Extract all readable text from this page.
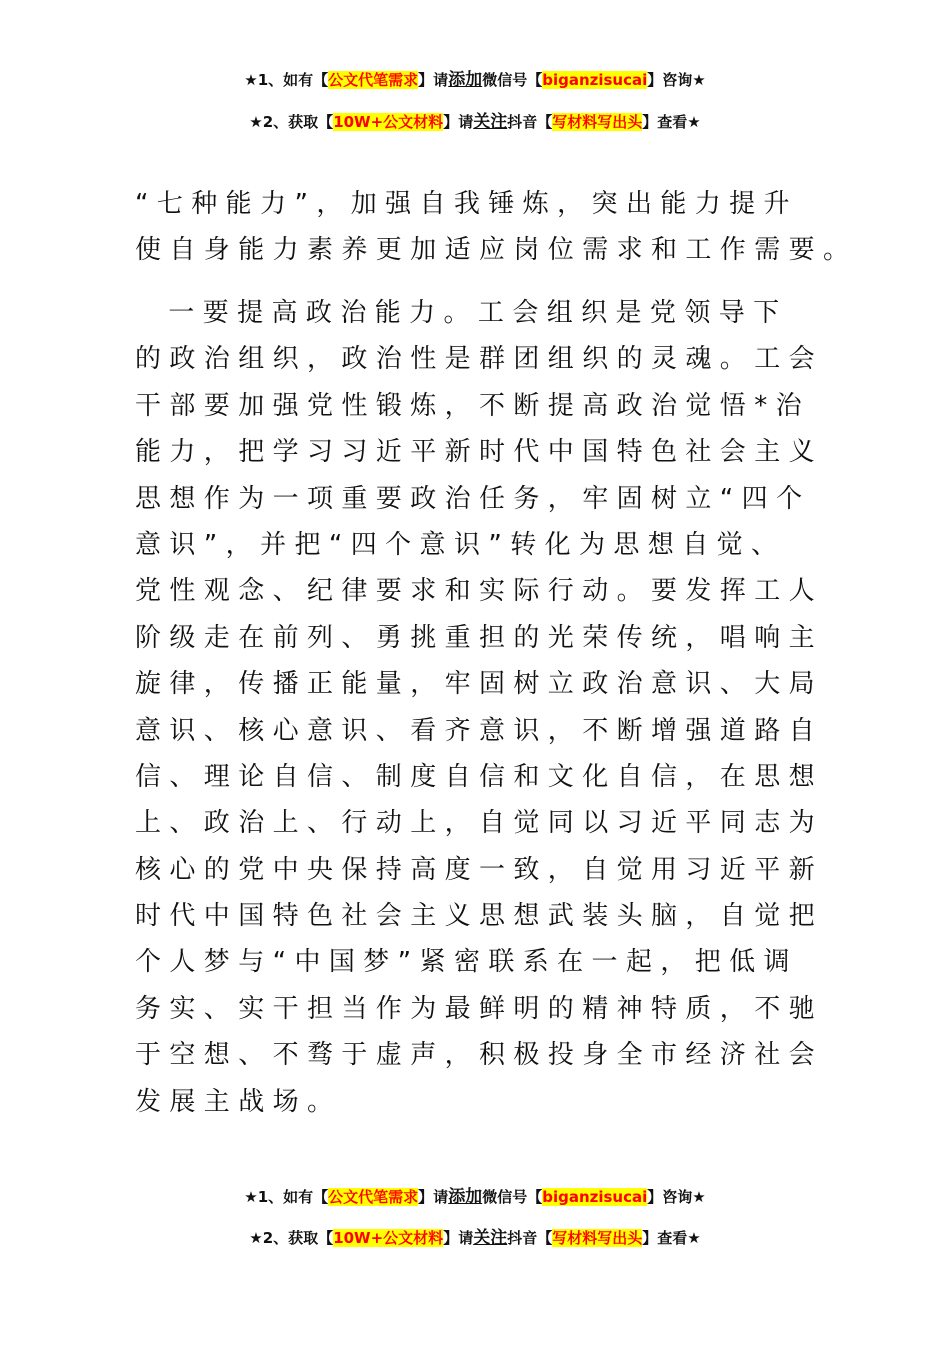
★1、如有【公文代笔需求】请添加微信号【biganzisucai】咨询★
★2、获取【10W+公文材料】请关注抖音【写材料写出头】查看★
“七种能力”，加强自我锤炼，突出能力提升
使自身能力素养更加适应岗位需求和工作需要。
一要提高政治能力。工会组织是党领导下
的政治组织，政治性是群团组织的灵魂。工会
干部要加强党性锻炼，不断提高政治觉悟*治
能力，把学习习近平新时代中国特色社会主义
思想作为一项重要政治任务，牢固树立“四个
意识”，并把“四个意识”转化为思想自觉、
党性观念、纪律要求和实际行动。要发挥工人
阶级走在前列、勇挑重担的光荣传统，唱响主
旋律，传播正能量，牢固树立政治意识、大局
意识、核心意识、看齐意识，不断增强道路自
信、理论自信、制度自信和文化自信，在思想
上、政治上、行动上，自觉同以习近平同志为
核心的党中央保持高度一致，自觉用习近平新
时代中国特色社会主义思想武装头脑，自觉把
个人梦与“中国梦”紧密联系在一起，把低调
务实、实干担当作为最鲜明的精神特质，不驰
于空想、不骛于虚声，积极投身全市经济社会
发展主战场。
★1、如有【公文代笔需求】请添加微信号【biganzisucai】咨询★
★2、获取【10W+公文材料】请关注抖音【写材料写出头】查看★
